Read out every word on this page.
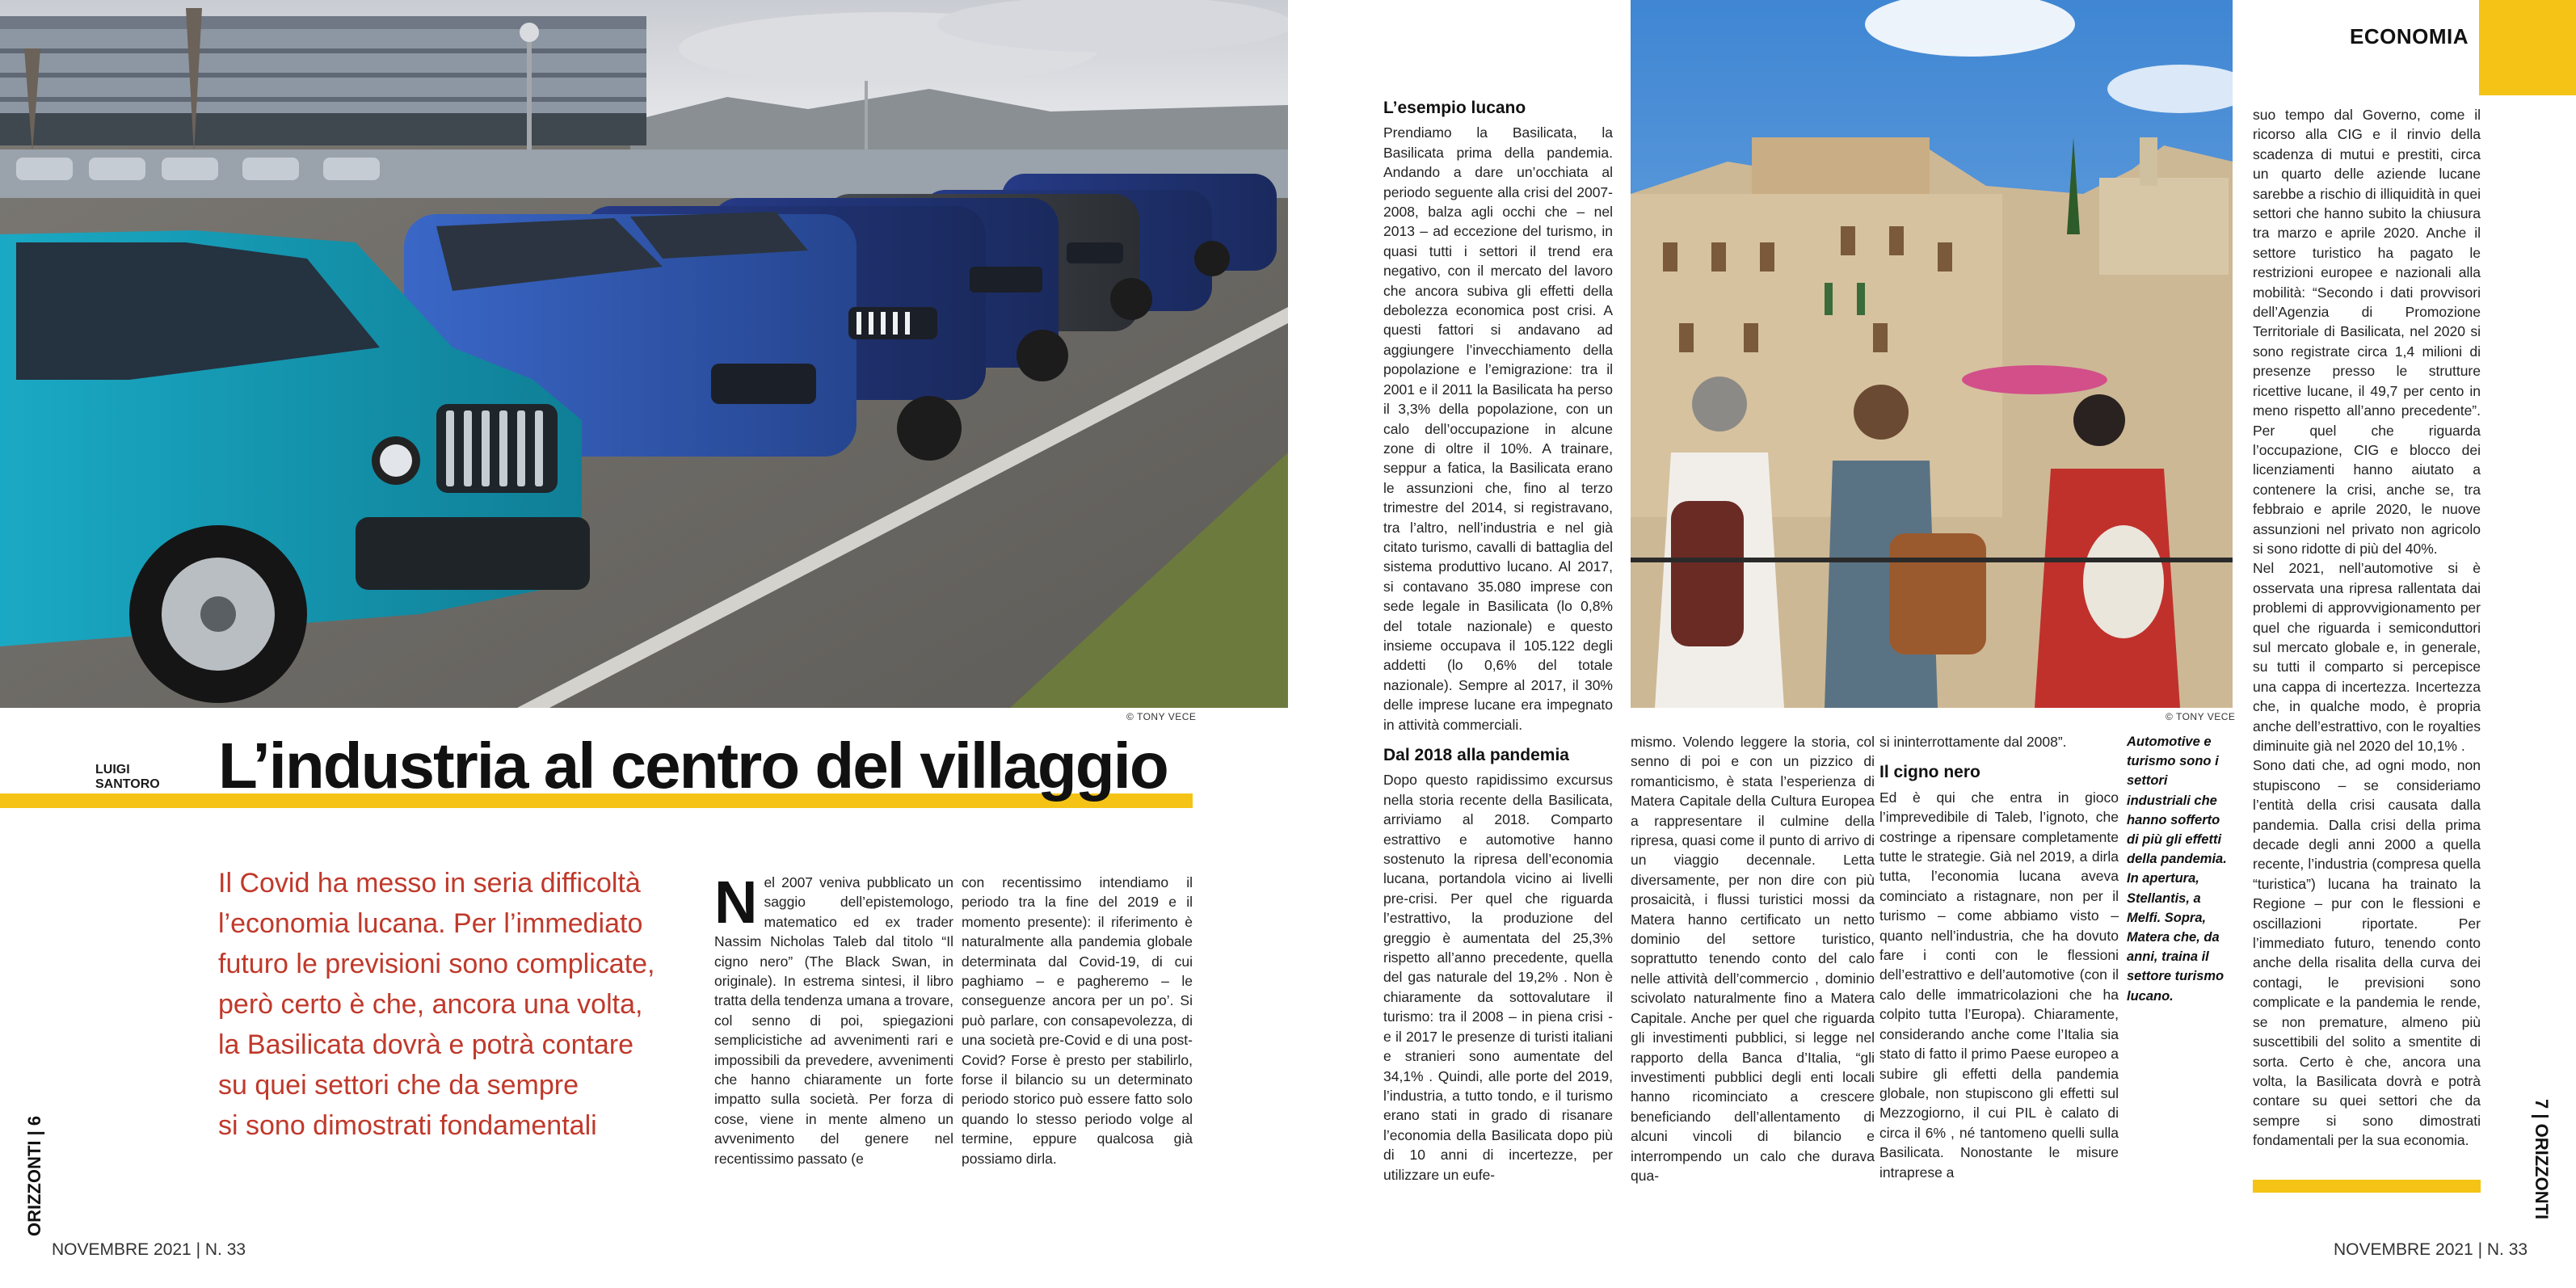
© TONY VECE
LUIGI
SANTORO L’industria al centro del villaggio
Il Covid ha messo in seria difficoltà
l’economia lucana. Per l’immediato
futuro le previsioni sono complicate,
però certo è che, ancora una volta,
la Basilicata dovrà e potrà contare
su quei settori che da sempre
si sono dimostrati fondamentali
N el 2007 veniva pubblicato un saggio dell’epistemologo, matematico ed ex trader Nassim Nicholas Taleb dal titolo “Il cigno nero” (The Black Swan, in originale). In estrema sintesi, il libro tratta della tendenza umana a trovare, col senno di poi, spiegazioni semplicistiche ad avvenimenti rari e impossibili da prevedere, avvenimenti che hanno chiaramente un forte impatto sulla società. Per forza di cose, viene in mente almeno un avvenimento del genere nel recentissimo passato (e

con recentissimo intendiamo il periodo tra la fine del 2019 e il momento presente): il riferimento è naturalmente alla pandemia globale determinata dal Covid-19, di cui paghiamo – e pagheremo – le conseguenze ancora per un po’. Si può parlare, con consapevolezza, di una società pre-Covid e di una post-Covid? Forse è presto per stabilirlo, forse il bilancio su un determinato periodo storico può essere fatto solo quando lo stesso periodo volge al termine, eppure qualcosa già possiamo dirla.

ORIZZONTI | 6
NOVEMBRE 2021 | N. 33
L’esempio lucano

Prendiamo la Basilicata, la Basilicata prima della pandemia. Andando a dare un’occhiata al periodo seguente alla crisi del 2007-2008, balza agli occhi che – nel 2013 – ad eccezione del turismo, in quasi tutti i settori il trend era negativo, con il mercato del lavoro che ancora subiva gli effetti della debolezza economica post crisi. A questi fattori si andavano ad aggiungere l’invecchiamento della popolazione e l’emigrazione: tra il 2001 e il 2011 la Basilicata ha perso il 3,3% della popolazione, con un calo dell’occupazione in alcune zone di oltre il 10%. A trainare, seppur a fatica, la Basilicata erano le assunzioni che, fino al terzo trimestre del 2014, si registravano, tra l’altro, nell’industria e nel già citato turismo, cavalli di battaglia del sistema produttivo lucano. Al 2017, si contavano 35.080 imprese con sede legale in Basilicata (lo 0,8% del totale nazionale) e questo insieme occupava il 105.122 degli addetti (lo 0,6% del totale nazionale). Sempre al 2017, il 30% delle imprese lucane era impegnato in attività commerciali.

Dal 2018 alla pandemia

Dopo questo rapidissimo excursus nella storia recente della Basilicata, arriviamo al 2018. Comparto estrattivo e automotive hanno sostenuto la ripresa dell’economia lucana, portandola vicino ai livelli pre-crisi. Per quel che riguarda l’estrattivo, la produzione del greggio è aumentata del 25,3% rispetto all’anno precedente, quella del gas naturale del 19,2% . Non è chiaramente da sottovalutare il turismo: tra il 2008 – in piena crisi - e il 2017 le presenze di turisti italiani e stranieri sono aumentate del 34,1% . Quindi, alle porte del 2019, l’industria, a tutto tondo, e il turismo erano stati in grado di risanare l’economia della Basilicata dopo più di 10 anni di incertezze, per utilizzare un eufe-

© TONY VECE

mismo. Volendo leggere la storia, col senno di poi e con un pizzico di romanticismo, è stata l’esperienza di Matera Capitale della Cultura Europea a rappresentare il culmine della ripresa, quasi come il punto di arrivo di un viaggio decennale. Letta diversamente, per non dire con più prosaicità, i flussi turistici mossi da Matera hanno certificato un netto dominio del settore turistico, soprattutto tenendo conto del calo nelle attività dell’commercio , dominio scivolato naturalmente fino a Matera Capitale. Anche per quel che riguarda gli investimenti pubblici, si legge nel rapporto della Banca d’Italia, “gli investimenti pubblici degli enti locali hanno ricominciato a crescere beneficiando dell’allentamento di alcuni vincoli di bilancio e interrompendo un calo che durava qua-

si ininterrottamente dal 2008”.

Il cigno nero

Ed è qui che entra in gioco l’imprevedibile di Taleb, l’ignoto, che costringe a ripensare completamente tutte le strategie. Già nel 2019, a dirla tutta, l’economia lucana aveva cominciato a ristagnare, non per il turismo – come abbiamo visto – quanto nell’industria, che ha dovuto fare i conti con le flessioni dell’estrattivo e dell’automotive (con il calo delle immatricolazioni che ha colpito tutta l’Europa). Chiaramente, considerando anche come l’Italia sia stato di fatto il primo Paese europeo a subire gli effetti della pandemia globale, non stupiscono gli effetti sul Mezzogiorno, il cui PIL è calato di circa il 6% , né tantomeno quelli sulla Basilicata. Nonostante le misure intraprese a

Automotive e turismo sono i settori industriali che hanno sofferto di più gli effetti della pandemia. In apertura, Stellantis, a Melfi. Sopra, Matera che, da anni, traina il settore turismo lucano.
ECONOMIA

suo tempo dal Governo, come il ricorso alla CIG e il rinvio della scadenza di mutui e prestiti, circa un quarto delle aziende lucane sarebbe a rischio di illiquidità in quei settori che hanno subito la chiusura tra marzo e aprile 2020. Anche il settore turistico ha pagato le restrizioni europee e nazionali alla mobilità: “Secondo i dati provvisori dell’Agenzia di Promozione Territoriale di Basilicata, nel 2020 si sono registrate circa 1,4 milioni di presenze presso le strutture ricettive lucane, il 49,7 per cento in meno rispetto all’anno precedente”. Per quel che riguarda l’occupazione, CIG e blocco dei licenziamenti hanno aiutato a contenere la crisi, anche se, tra febbraio e aprile 2020, le nuove assunzioni nel privato non agricolo si sono ridotte di più del 40%.

Nel 2021, nell’automotive si è osservata una ripresa rallentata dai problemi di approvvigionamento per quel che riguarda i semiconduttori sul mercato globale e, in generale, su tutti il comparto si percepisce una cappa di incertezza. Incertezza che, in qualche modo, è propria anche dell’estrattivo, con le royalties diminuite già nel 2020 del 10,1% .

Sono dati che, ad ogni modo, non stupiscono – se consideriamo l’entità della crisi causata dalla pandemia. Dalla crisi della prima decade degli anni 2000 a quella recente, l’industria (compresa quella “turistica”) lucana ha trainato la Regione – pur con le flessioni e oscillazioni riportate. Per l’immediato futuro, tenendo conto anche della risalita della curva dei contagi, le previsioni sono complicate e la pandemia le rende, se non premature, almeno più suscettibili del solito a smentite di sorta. Certo è che, ancora una volta, la Basilicata dovrà e potrà contare su quei settori che da sempre si sono dimostrati fondamentali per la sua economia.	7 | ORIZZONTI
NOVEMBRE 2021 | N. 33
